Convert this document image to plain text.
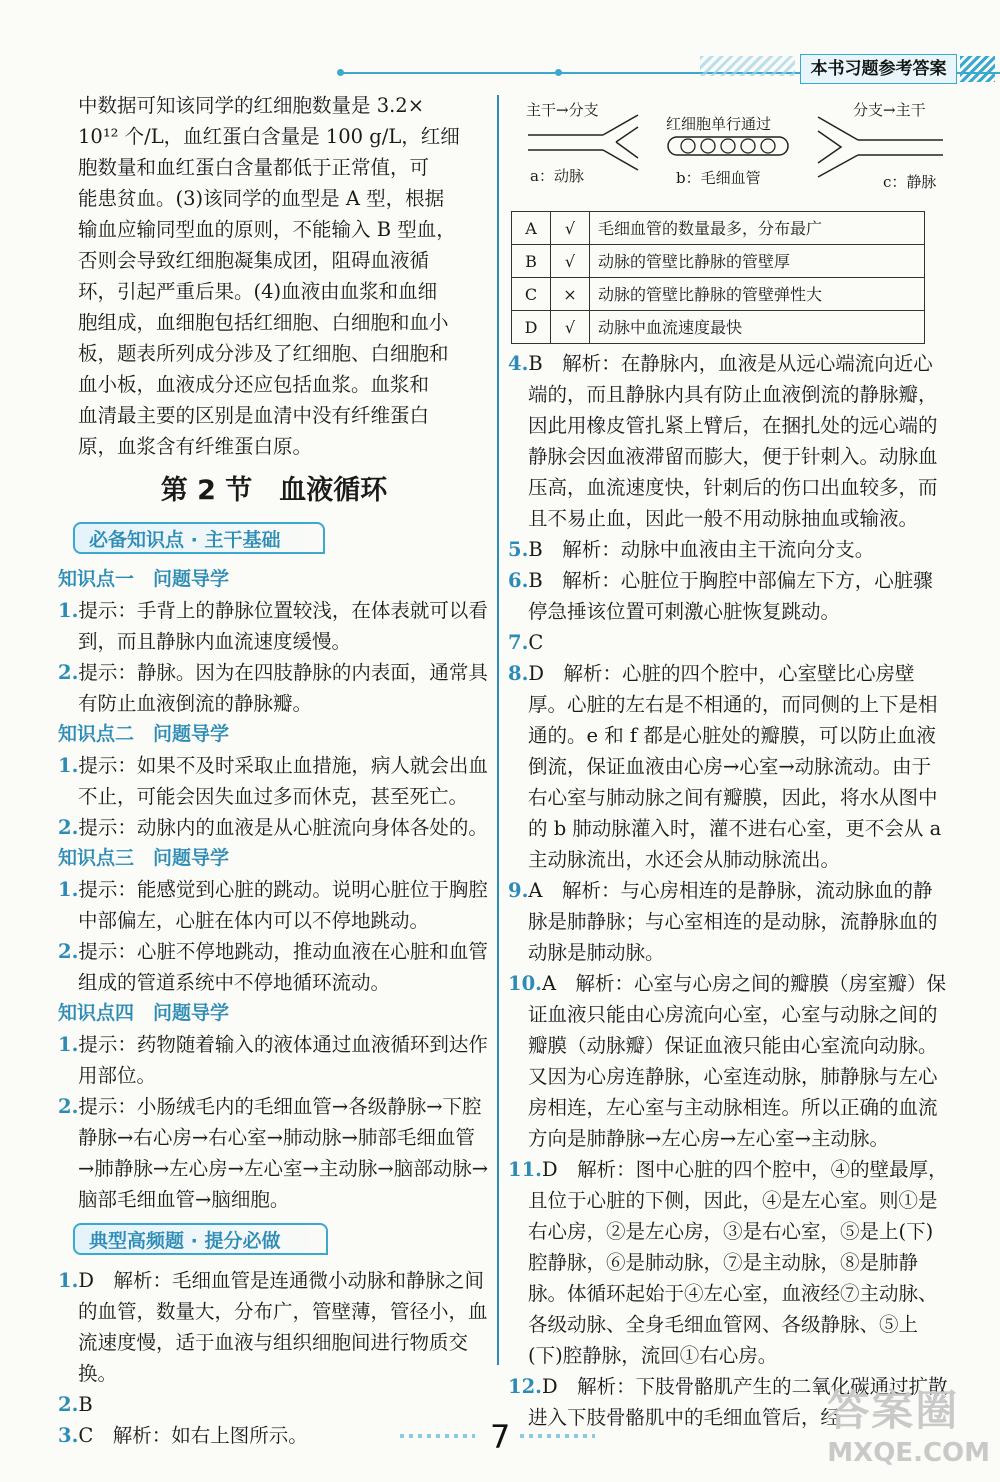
本书习题参考答案

中数据可知该同学的红细胞数量是 3.2×

10¹² 个/L，血红蛋白含量是 100 g/L，红细

胞数量和血红蛋白含量都低于正常值，可

能患贫血。(3)该同学的血型是 A 型，根据

输血应输同型血的原则，不能输入 B 型血，

否则会导致红细胞凝集成团，阻碍血液循

环，引起严重后果。(4)血液由血浆和血细

胞组成，血细胞包括红细胞、白细胞和血小

板，题表所列成分涉及了红细胞、白细胞和

血小板，血液成分还应包括血浆。血浆和

血清最主要的区别是血清中没有纤维蛋白

原，血浆含有纤维蛋白原。

第 2 节　血液循环
必备知识点 · 主干基础
知识点一　问题导学

1.提示：手背上的静脉位置较浅，在体表就可以看到，而且静脉内血流速度缓慢。

2.提示：静脉。因为在四肢静脉的内表面，通常具有防止血液倒流的静脉瓣。

知识点二　问题导学

1.提示：如果不及时采取止血措施，病人就会出血不止，可能会因失血过多而休克，甚至死亡。

2.提示：动脉内的血液是从心脏流向身体各处的。

知识点三　问题导学

1.提示：能感觉到心脏的跳动。说明心脏位于胸腔中部偏左，心脏在体内可以不停地跳动。

2.提示：心脏不停地跳动，推动血液在心脏和血管组成的管道系统中不停地循环流动。

知识点四　问题导学

1.提示：药物随着输入的液体通过血液循环到达作用部位。

2.提示：小肠绒毛内的毛细血管→各级静脉→下腔静脉→右心房→右心室→肺动脉→肺部毛细血管→肺静脉→左心房→左心室→主动脉→脑部动脉→脑部毛细血管→脑细胞。

典型高频题 · 提分必做

1.D　解析：毛细血管是连通微小动脉和静脉之间的血管，数量大，分布广，管壁薄，管径小，血流速度慢，适于血液与组织细胞间进行物质交换。

2.B

3.C　解析：如右上图所示。

主干→分支
红细胞单行通过
分支→主干
a：动脉	b：毛细血管	c：静脉
A	√	毛细血管的数量最多，分布最广
B	√	动脉的管壁比静脉的管壁厚
C	×	动脉的管壁比静脉的管壁弹性大
D	√	动脉中血流速度最快

4.B　解析：在静脉内，血液是从远心端流向近心端的，而且静脉内具有防止血液倒流的静脉瓣，因此用橡皮管扎紧上臂后，在捆扎处的远心端的静脉会因血液滞留而膨大，便于针刺入。动脉血压高，血流速度快，针刺后的伤口出血较多，而且不易止血，因此一般不用动脉抽血或输液。

5.B　解析：动脉中血液由主干流向分支。

6.B　解析：心脏位于胸腔中部偏左下方，心脏骤停急捶该位置可刺激心脏恢复跳动。

7.C

8.D　解析：心脏的四个腔中，心室壁比心房壁厚。心脏的左右是不相通的，而同侧的上下是相通的。e 和 f 都是心脏处的瓣膜，可以防止血液倒流，保证血液由心房→心室→动脉流动。由于右心室与肺动脉之间有瓣膜，因此，将水从图中的 b 肺动脉灌入时，灌不进右心室，更不会从 a 主动脉流出，水还会从肺动脉流出。

9.A　解析：与心房相连的是静脉，流动脉血的静脉是肺静脉；与心室相连的是动脉，流静脉血的动脉是肺动脉。

10.A　解析：心室与心房之间的瓣膜（房室瓣）保证血液只能由心房流向心室，心室与动脉之间的瓣膜（动脉瓣）保证血液只能由心室流向动脉。又因为心房连静脉，心室连动脉，肺静脉与左心房相连，左心室与主动脉相连。所以正确的血流方向是肺静脉→左心房→左心室→主动脉。

11.D　解析：图中心脏的四个腔中，④的壁最厚，且位于心脏的下侧，因此，④是左心室。则①是右心房，②是左心房，③是右心室，⑤是上(下)腔静脉，⑥是肺动脉，⑦是主动脉，⑧是肺静脉。体循环起始于④左心室，血液经⑦主动脉、各级动脉、全身毛细血管网、各级静脉、⑤上(下)腔静脉，流回①右心房。

12.D　解析：下肢骨骼肌产生的二氧化碳通过扩散进入下肢骨骼肌中的毛细血管后，经

7
答案圈
MXQE.COM
